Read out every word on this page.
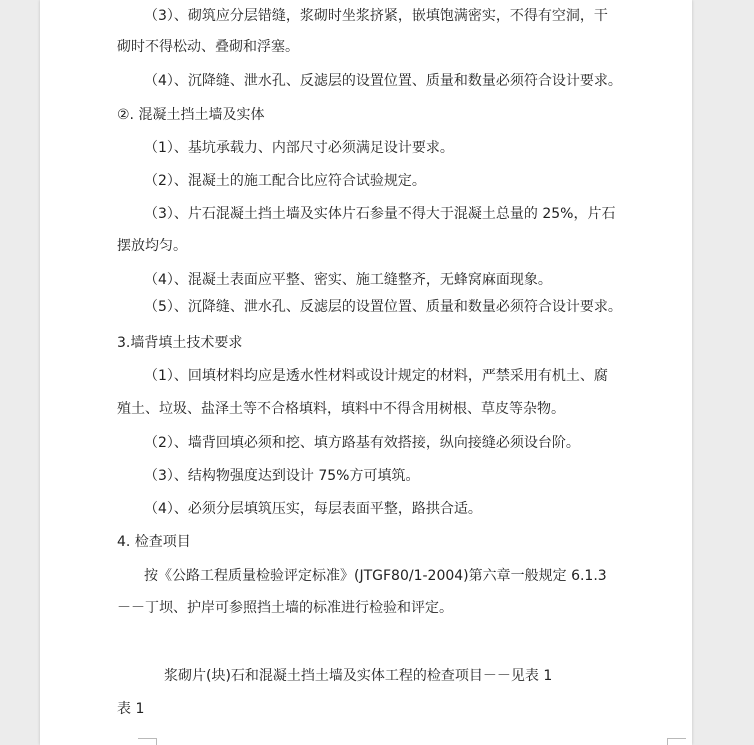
（3）、砌筑应分层错缝，浆砌时坐浆挤紧，嵌填饱满密实，不得有空洞，干

砌时不得松动、叠砌和浮塞。

（4）、沉降缝、泄水孔、反滤层的设置位置、质量和数量必须符合设计要求。

②. 混凝土挡土墙及实体

（1）、基坑承载力、内部尺寸必须满足设计要求。

（2）、混凝土的施工配合比应符合试验规定。

（3）、片石混凝土挡土墙及实体片石参量不得大于混凝土总量的 25%，片石

摆放均匀。

（4）、混凝土表面应平整、密实、施工缝整齐，无蜂窝麻面现象。

（5）、沉降缝、泄水孔、反滤层的设置位置、质量和数量必须符合设计要求。

3.墙背填土技术要求

（1）、回填材料均应是透水性材料或设计规定的材料，严禁采用有机土、腐

殖土、垃圾、盐泽土等不合格填料，填料中不得含用树根、草皮等杂物。

（2）、墙背回填必须和挖、填方路基有效搭接，纵向接缝必须设台阶。

（3）、结构物强度达到设计 75%方可填筑。

（4）、必须分层填筑压实，每层表面平整，路拱合适。

4. 检查项目

按《公路工程质量检验评定标准》(JTGF80/1-2004)第六章一般规定 6.1.3

－－丁坝、护岸可参照挡土墙的标准进行检验和评定。

浆砌片(块)石和混凝土挡土墙及实体工程的检查项目－－见表 1

表 1
